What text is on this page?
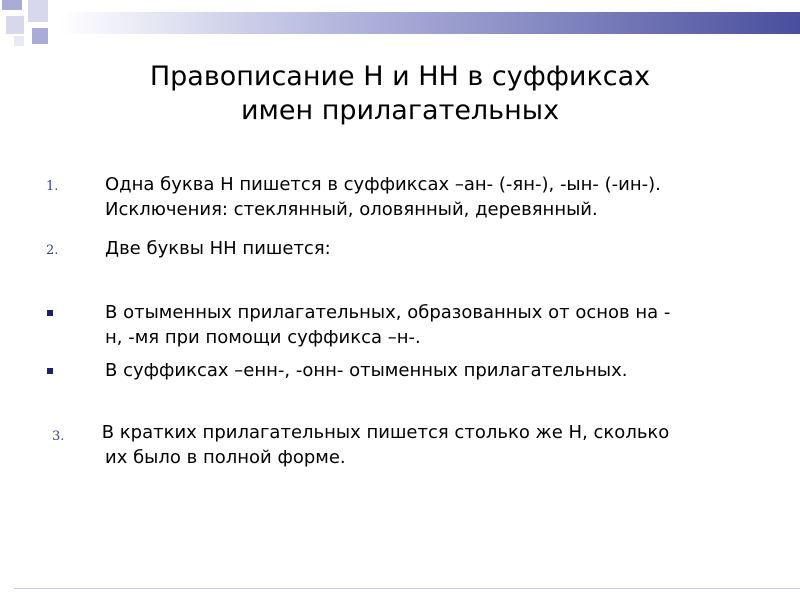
Правописание Н и НН в суффиксах
имен прилагательных
1.	Одна буква Н пишется в суффиксах –ан- (-ян-), -ын- (-ин-).
Исключения: стеклянный, оловянный, деревянный.
2.	Две буквы НН пишется:
В отыменных прилагательных, образованных от основ на -
н, -мя при помощи суффикса –н-.
В суффиксах –енн-, -онн- отыменных прилагательных.
3. В кратких прилагательных пишется столько же Н, сколько
их было в полной форме.
